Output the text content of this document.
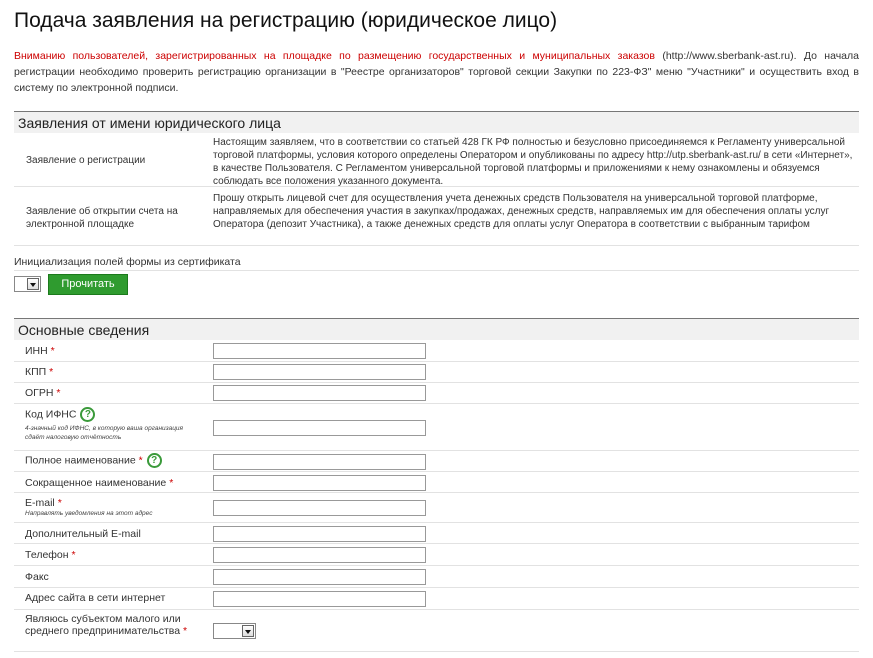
Подача заявления на регистрацию (юридическое лицо)
Вниманию пользователей, зарегистрированных на площадке по размещению государственных и муниципальных заказов (http://www.sberbank-ast.ru). До начала регистрации необходимо проверить регистрацию организации в "Реестре организаторов" торговой секции Закупки по 223-ФЗ" меню "Участники" и осуществить вход в систему по электронной подписи.
Заявления от имени юридического лица
Заявление о регистрации
Настоящим заявляем, что в соответствии со статьей 428 ГК РФ полностью и безусловно присоединяемся к Регламенту универсальной торговой платформы, условия которого определены Оператором и опубликованы по адресу http://utp.sberbank-ast.ru/ в сети «Интернет», в качестве Пользователя. С Регламентом универсальной торговой платформы и приложениями к нему ознакомлены и обязуемся соблюдать все положения указанного документа.
Заявление об открытии счета на электронной площадке
Прошу открыть лицевой счет для осуществления учета денежных средств Пользователя на универсальной торговой платформе, направляемых для обеспечения участия в закупках/продажах, денежных средств, направляемых им для обеспечения оплаты услуг Оператора (депозит Участника), а также денежных средств для оплаты услуг Оператора в соответствии с выбранным тарифом
Инициализация полей формы из сертификата
Прочитать
Основные сведения
ИНН *
КПП *
ОГРН *
Код ИФНС ?
4-значный код ИФНС, в которую ваша организация сдаёт налоговую отчётность
Полное наименование * ?
Сокращенное наименование *
E-mail *
Направлять уведомления на этот адрес
Дополнительный E-mail
Телефон *
Факс
Адрес сайта в сети интернет
Являюсь субъектом малого или среднего предпринимательства *
